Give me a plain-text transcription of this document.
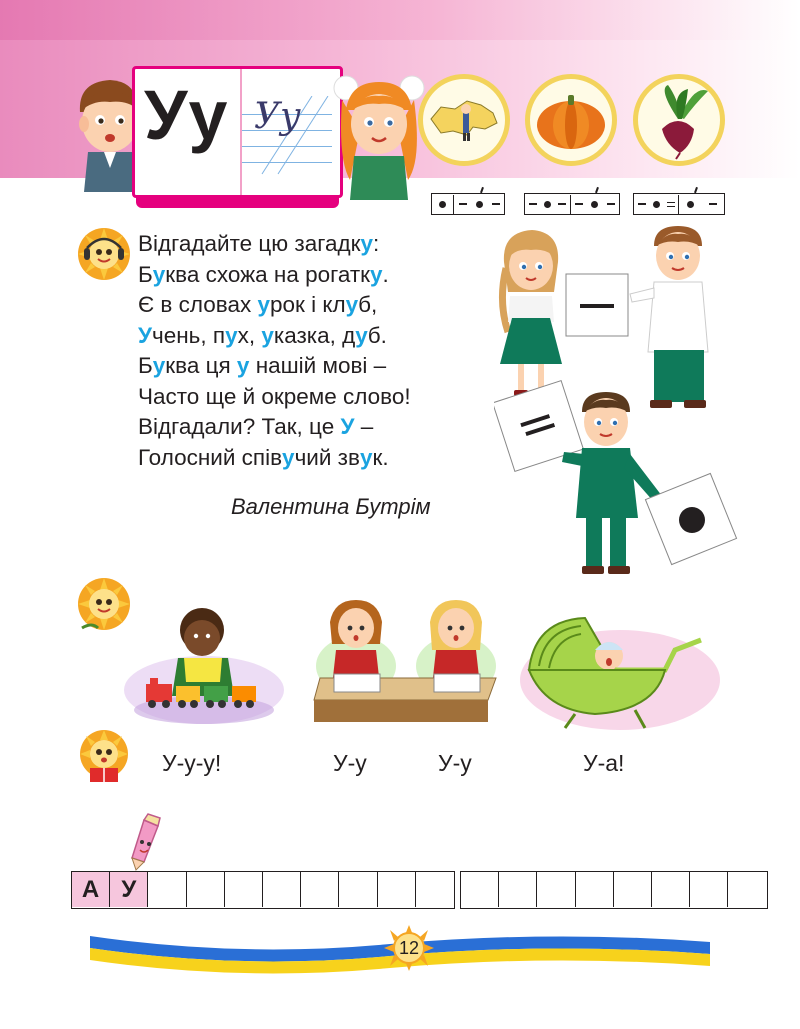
Уу Уу
Відгадайте цю загадку:
Буква схожа на рогатку.
Є в словах урок і клуб,
Учень, пух, указка, дуб.
Буква ця у нашій мові –
Часто ще й окреме слово!
Відгадали? Так, це У –
Голосний співучий звук.
Валентина Бутрім
У-у-у!	У-у	У-у	У-а!
А У
12
